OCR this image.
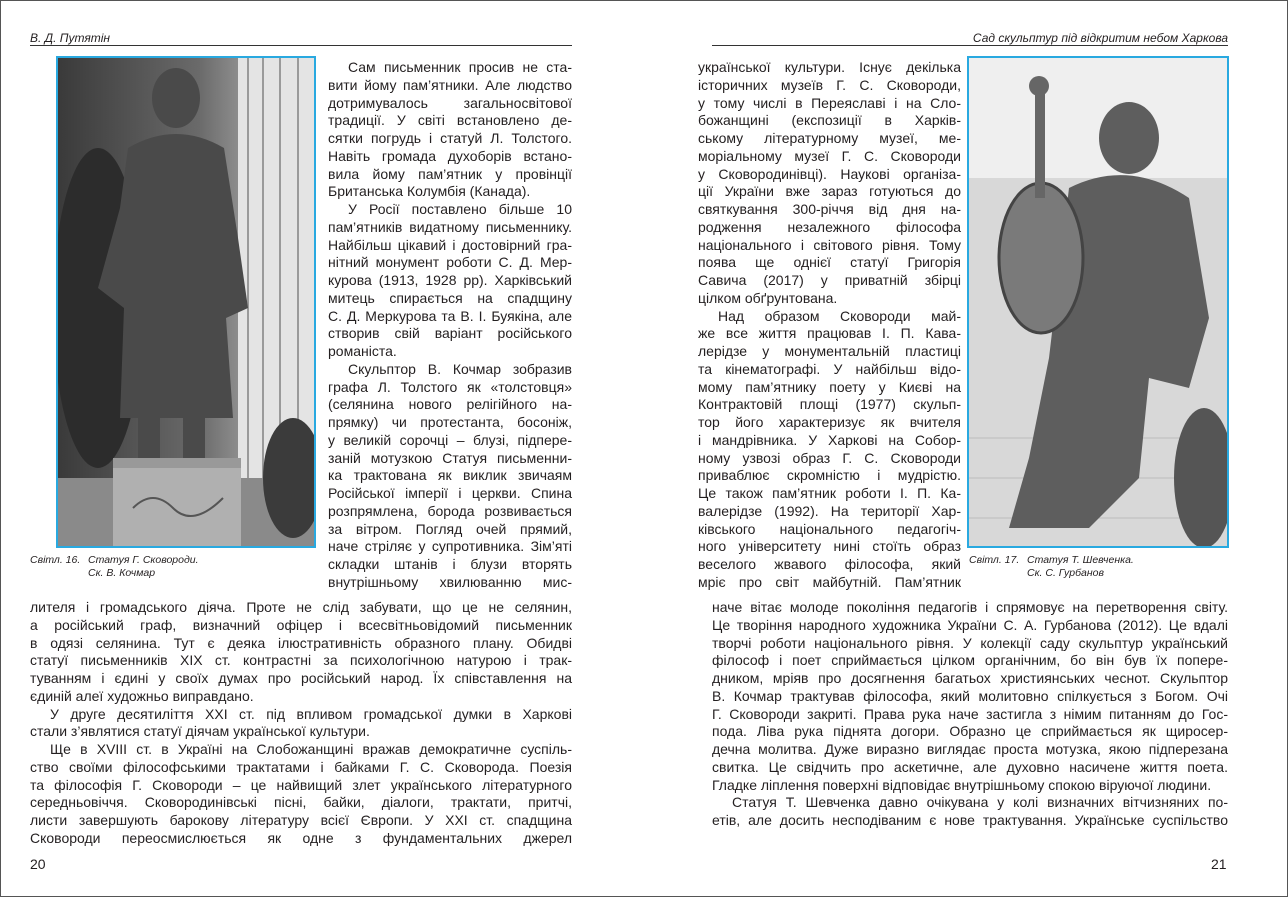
В. Д. Путятін	Сад скульптур під відкритим небом Харкова
Світл. 16. Статуя Г. Сковороди.
Ск. В. Кочмар
Світл. 17. Статуя Т. Шевченка.
Ск. С. Гурбанов
Сам письменник просив не ста-
вити йому пам’ятники. Але людство
дотримувалось загальносвітової
традиції. У світі встановлено де-
сятки погрудь і статуй Л. Толстого.
Навіть громада духоборів встано-
вила йому пам’ятник у провінції
Британська Колумбія (Канада).
У Росії поставлено більше 10
пам’ятників видатному письменнику.
Найбільш цікавий і достовірний гра-
нітний монумент роботи С. Д. Мер-
курова (1913, 1928 рр). Харківський
митець спирається на спадщину
С. Д. Меркурова та В. І. Буякіна, але
створив свій варіант російського
романіста.
Скульптор В. Кочмар зобразив
графа Л. Толстого як «толстовця»
(селянина нового релігійного на-
прямку) чи протестанта, босоніж,
у великій сорочці – блузі, підпере-
заній мотузкою Статуя письменни-
ка трактована як виклик звичаям
Російської імперії і церкви. Спина
розпрямлена, борода розвивається
за вітром. Погляд очей прямий,
наче стріляє у супротивника. Зім’яті
складки штанів і блузи вторять
внутрішньому хвилюванню мис-
лителя і громадського діяча. Проте не слід забувати, що це не селянин,
а російський граф, визначний офіцер і всесвітньовідомий письменник
в одязі селянина. Тут є деяка ілюстративність образного плану. Обидві
статуї письменників XIX ст. контрастні за психологічною натурою і трак-
туванням і єдині у своїх думах про російський народ. Їх співставлення на
єдиній алеї художньо виправдано.
У друге десятиліття XXI ст. під впливом громадської думки в Харкові
стали з’являтися статуї діячам української культури.
Ще в XVIII ст. в Україні на Слобожанщині вражав демократичне суспіль-
ство своїми філософськими трактатами і байками Г. С. Сковорода. Поезія
та філософія Г. Сковороди – це найвищий злет українського літературного
середньовіччя. Сковородинівські пісні, байки, діалоги, трактати, притчі,
листи завершують барокову літературу всієї Європи. У XXI ст. спадщина
Сковороди переосмислюється як одне з фундаментальних джерел
української культури. Існує декілька
історичних музеїв Г. С. Сковороди,
у тому числі в Переяславі і на Сло-
божанщині (експозиції в Харків-
ському літературному музеї, ме-
моріальному музеї Г. С. Сковороди
у Сковородинівці). Наукові організа-
ції України вже зараз готуються до
святкування 300-річчя від дня на-
родження незалежного філософа
національного і світового рівня. Тому
поява ще однієї статуї Григорія
Савича (2017) у приватній збірці
цілком обґрунтована.
Над образом Сковороди май-
же все життя працював І. П. Кава-
лерідзе у монументальній пластиці
та кінематографі. У найбільш відо-
мому пам’ятнику поету у Києві на
Контрактовій площі (1977) скульп-
тор його характеризує як вчителя
і мандрівника. У Харкові на Собор-
ному узвозі образ Г. С. Сковороди
приваблює скромністю і мудрістю.
Це також пам’ятник роботи І. П. Ка-
валерідзе (1992). На території Хар-
ківського національного педагогіч-
ного університету нині стоїть образ
веселого жвавого філософа, який
мріє про світ майбутній. Пам’ятник
наче вітає молоде покоління педагогів і спрямовує на перетворення світу.
Це творіння народного художника України С. А. Гурбанова (2012). Це вдалі
творчі роботи національного рівня. У колекції саду скульптур український
філософ і поет сприймається цілком органічним, бо він був їх попере-
дником, мріяв про досягнення багатьох християнських чеснот. Скульптор
В. Кочмар трактував філософа, який молитовно спілкується з Богом. Очі
Г. Сковороди закриті. Права рука наче застигла з німим питанням до Гос-
пода. Ліва рука піднята догори. Образно це сприймається як щиросер-
дечна молитва. Дуже виразно виглядає проста мотузка, якою підперезана
свитка. Це свідчить про аскетичне, але духовно насичене життя поета.
Гладке ліплення поверхні відповідає внутрішньому спокою віруючої людини.
Статуя Т. Шевченка давно очікувана у колі визначних вітчизняних по-
етів, але досить несподіваним є нове трактування. Українське суспільство
20	21
